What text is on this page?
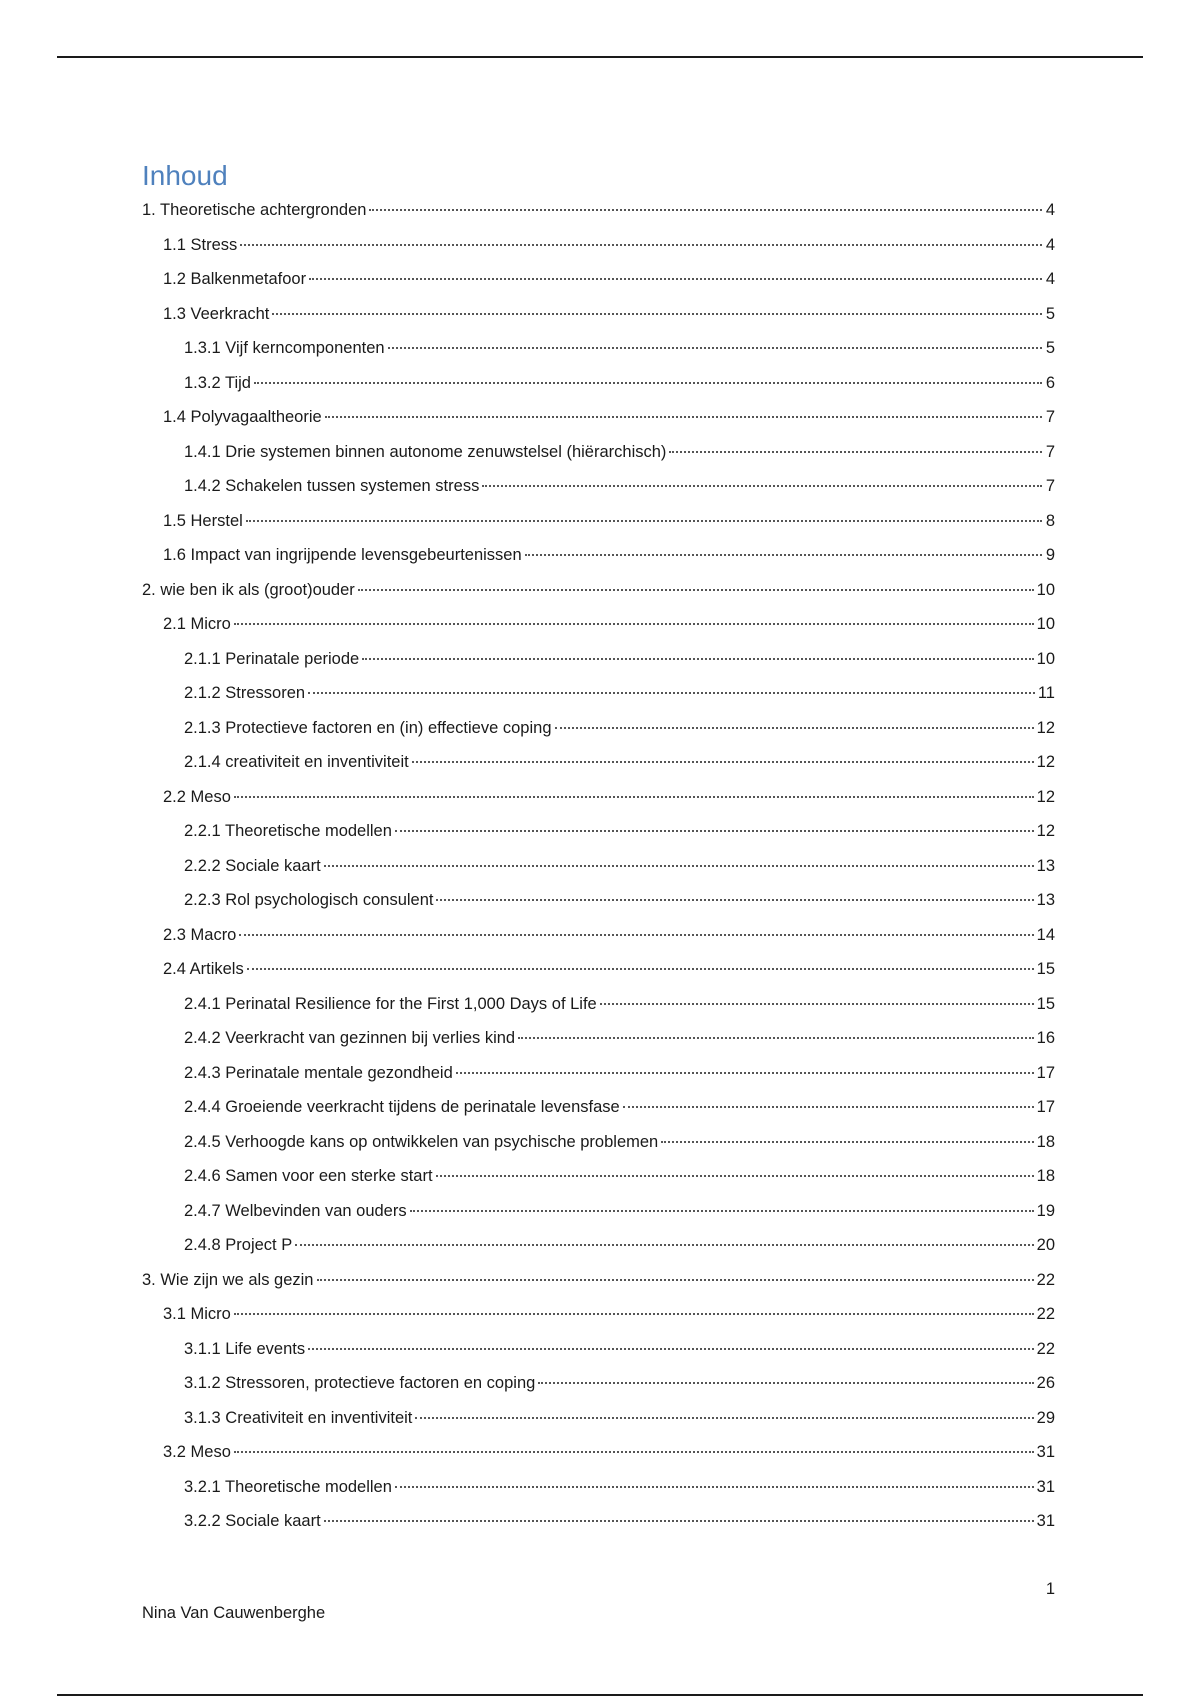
Inhoud
1. Theoretische achtergronden	4
1.1 Stress	4
1.2 Balkenmetafoor	4
1.3 Veerkracht	5
1.3.1 Vijf kerncomponenten	5
1.3.2 Tijd	6
1.4 Polyvagaaltheorie	7
1.4.1 Drie systemen binnen autonome zenuwstelsel (hiërarchisch)	7
1.4.2 Schakelen tussen systemen stress	7
1.5 Herstel	8
1.6 Impact van ingrijpende levensgebeurtenissen	9
2. wie ben ik als (groot)ouder	10
2.1 Micro	10
2.1.1 Perinatale periode	10
2.1.2 Stressoren	11
2.1.3 Protectieve factoren en (in) effectieve coping	12
2.1.4 creativiteit en inventiviteit	12
2.2 Meso	12
2.2.1 Theoretische modellen	12
2.2.2 Sociale kaart	13
2.2.3 Rol psychologisch consulent	13
2.3 Macro	14
2.4 Artikels	15
2.4.1 Perinatal Resilience for the First 1,000 Days of Life	15
2.4.2 Veerkracht van gezinnen bij verlies kind	16
2.4.3 Perinatale mentale gezondheid	17
2.4.4 Groeiende veerkracht tijdens de perinatale levensfase	17
2.4.5 Verhoogde kans op ontwikkelen van psychische problemen	18
2.4.6 Samen voor een sterke start	18
2.4.7 Welbevinden van ouders	19
2.4.8 Project P	20
3. Wie zijn we als gezin	22
3.1 Micro	22
3.1.1 Life events	22
3.1.2 Stressoren, protectieve factoren en coping	26
3.1.3 Creativiteit en inventiviteit	29
3.2 Meso	31
3.2.1 Theoretische modellen	31
3.2.2 Sociale kaart	31
1
Nina Van Cauwenberghe
